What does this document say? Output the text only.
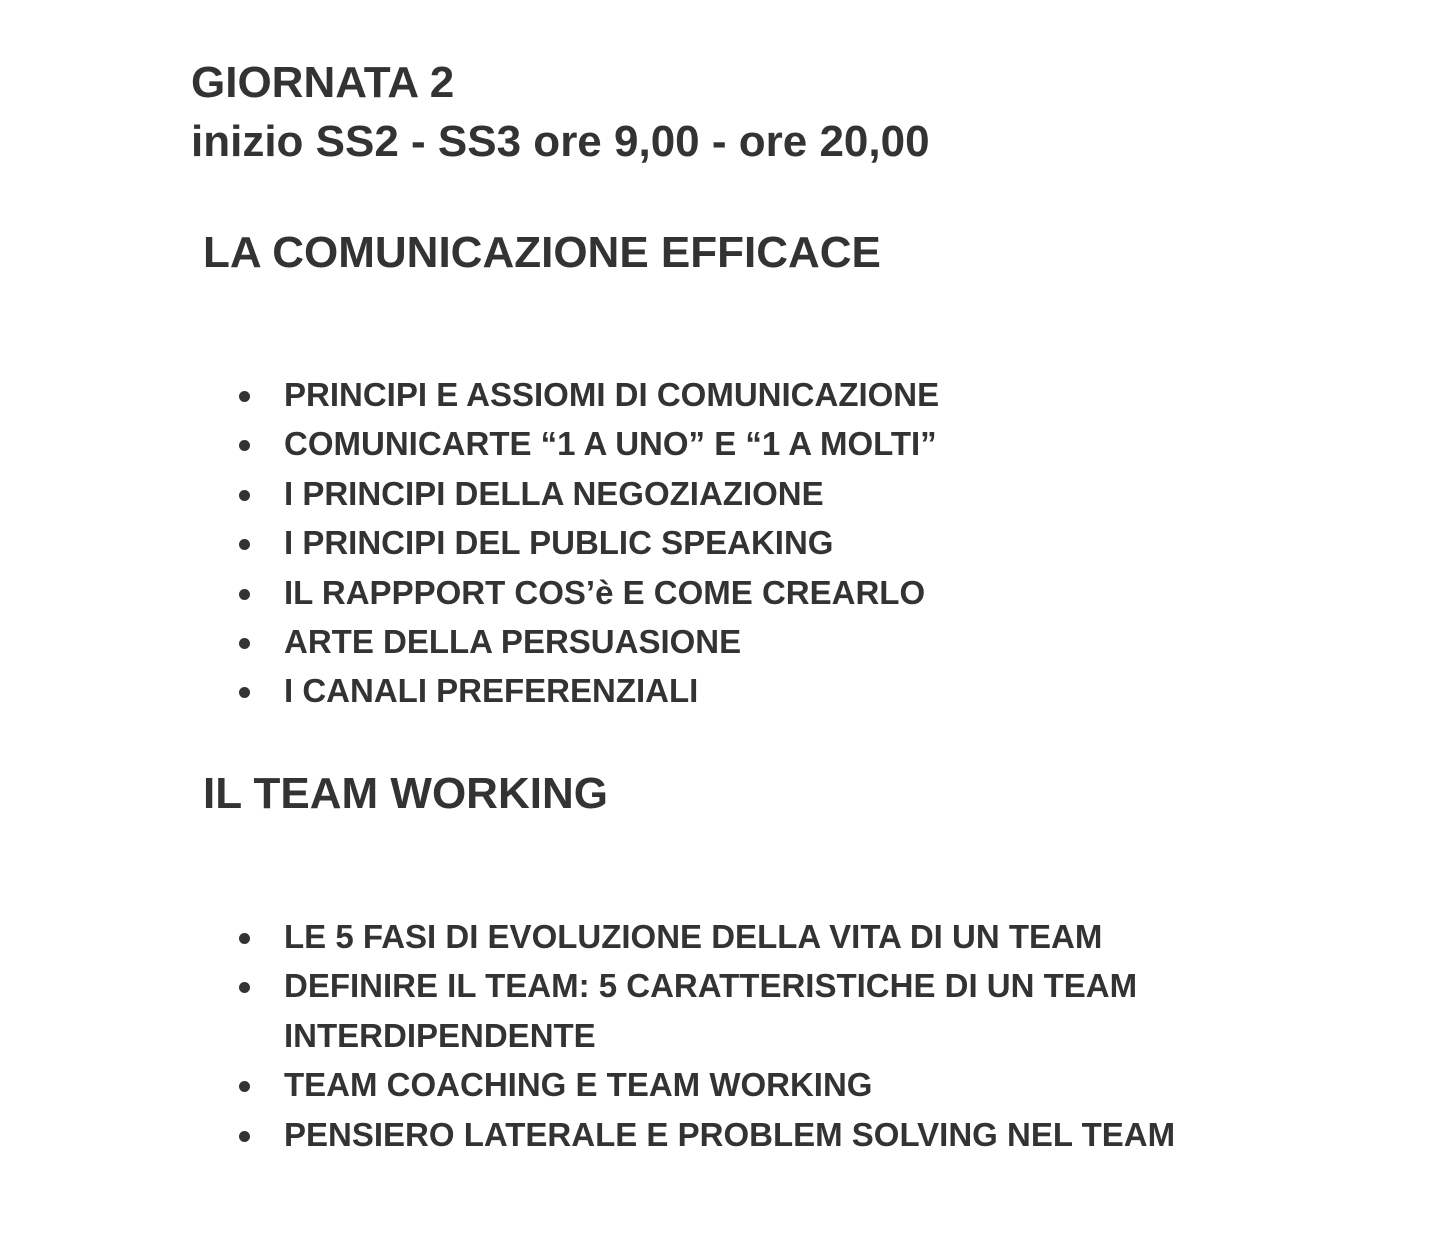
GIORNATA 2
inizio SS2 - SS3 ore 9,00 - ore 20,00
LA COMUNICAZIONE EFFICACE
PRINCIPI E ASSIOMI DI COMUNICAZIONE
COMUNICARTE “1 A UNO” E “1 A MOLTI”
I PRINCIPI DELLA NEGOZIAZIONE
I PRINCIPI DEL PUBLIC SPEAKING
IL RAPPPORT COS’è E COME CREARLO
ARTE DELLA PERSUASIONE
I CANALI PREFERENZIALI
IL TEAM WORKING
LE 5 FASI DI EVOLUZIONE DELLA VITA DI UN TEAM
DEFINIRE IL TEAM: 5 CARATTERISTICHE DI UN TEAM INTERDIPENDENTE
TEAM COACHING E TEAM WORKING
PENSIERO LATERALE E PROBLEM SOLVING NEL TEAM
